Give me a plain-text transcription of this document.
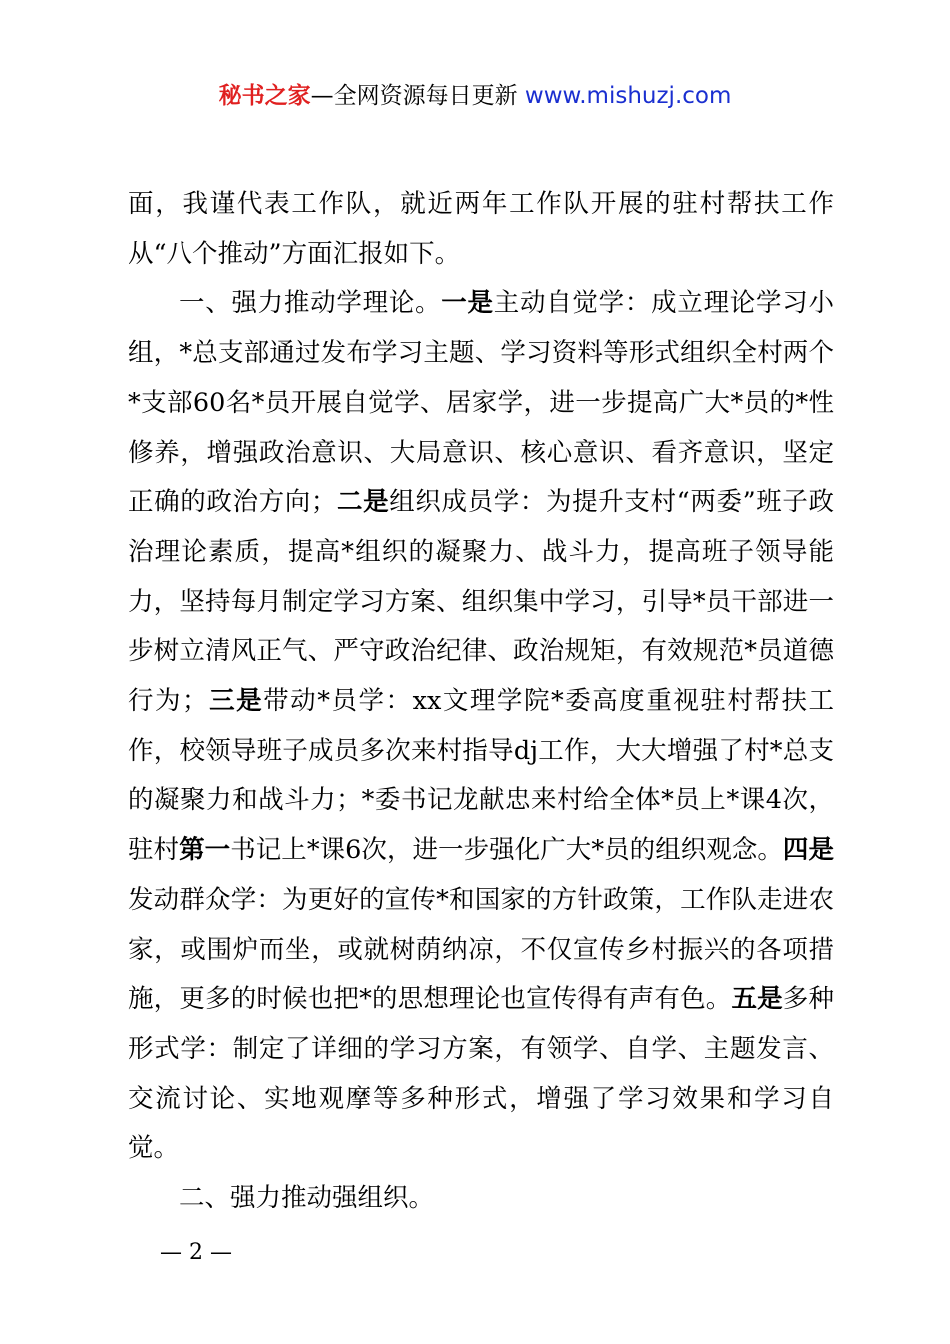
秘书之家—全网资源每日更新 www.mishuzj.com

面，我谨代表工作队，就近两年工作队开展的驻村帮扶工作从“八个推动”方面汇报如下。

一、强力推动学理论。一是主动自觉学：成立理论学习小组，*总支部通过发布学习主题、学习资料等形式组织全村两个*支部60名*员开展自觉学、居家学，进一步提高广大*员的*性修养，增强政治意识、大局意识、核心意识、看齐意识，坚定正确的政治方向；二是组织成员学：为提升支村“两委”班子政治理论素质，提高*组织的凝聚力、战斗力，提高班子领导能力，坚持每月制定学习方案、组织集中学习，引导*员干部进一步树立清风正气、严守政治纪律、政治规矩，有效规范*员道德行为；三是带动*员学：xx文理学院*委高度重视驻村帮扶工作，校领导班子成员多次来村指导dj工作，大大增强了村*总支的凝聚力和战斗力；*委书记龙献忠来村给全体*员上*课4次，驻村第一书记上*课6次，进一步强化广大*员的组织观念。四是发动群众学：为更好的宣传*和国家的方针政策，工作队走进农家，或围炉而坐，或就树荫纳凉，不仅宣传乡村振兴的各项措施，更多的时候也把*的思想理论也宣传得有声有色。五是多种形式学：制定了详细的学习方案，有领学、自学、主题发言、交流讨论、实地观摩等多种形式，增强了学习效果和学习自觉。

二、强力推动强组织。

— 2 —
